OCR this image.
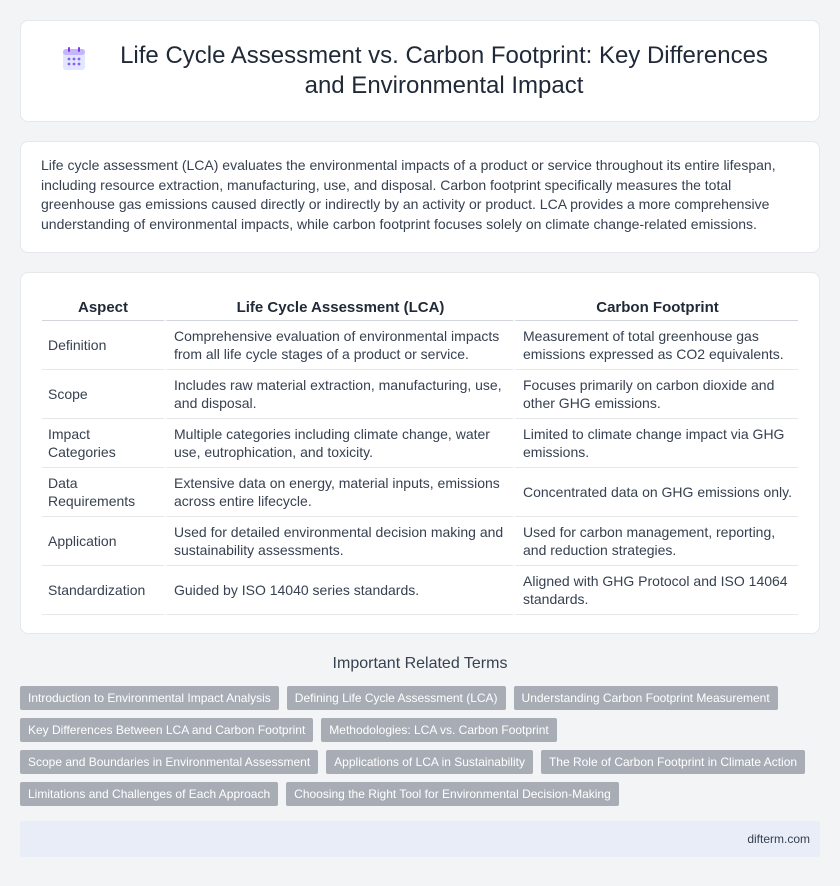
Life Cycle Assessment vs. Carbon Footprint: Key Differences and Environmental Impact

Life cycle assessment (LCA) evaluates the environmental impacts of a product or service throughout its entire lifespan, including resource extraction, manufacturing, use, and disposal. Carbon footprint specifically measures the total greenhouse gas emissions caused directly or indirectly by an activity or product. LCA provides a more comprehensive understanding of environmental impacts, while carbon footprint focuses solely on climate change-related emissions.

Aspect	Life Cycle Assessment (LCA)	Carbon Footprint
Definition	Comprehensive evaluation of environmental impacts from all life cycle stages of a product or service.	Measurement of total greenhouse gas emissions expressed as CO2 equivalents.
Scope	Includes raw material extraction, manufacturing, use, and disposal.	Focuses primarily on carbon dioxide and other GHG emissions.
Impact Categories	Multiple categories including climate change, water use, eutrophication, and toxicity.	Limited to climate change impact via GHG emissions.
Data Requirements	Extensive data on energy, material inputs, emissions across entire lifecycle.	Concentrated data on GHG emissions only.
Application	Used for detailed environmental decision making and sustainability assessments.	Used for carbon management, reporting, and reduction strategies.
Standardization	Guided by ISO 14040 series standards.	Aligned with GHG Protocol and ISO 14064 standards.
Important Related Terms
Introduction to Environmental Impact Analysis	Defining Life Cycle Assessment (LCA)	Understanding Carbon Footprint Measurement
Key Differences Between LCA and Carbon Footprint	Methodologies: LCA vs. Carbon Footprint
Scope and Boundaries in Environmental Assessment	Applications of LCA in Sustainability	The Role of Carbon Footprint in Climate Action
Limitations and Challenges of Each Approach	Choosing the Right Tool for Environmental Decision-Making
difterm.com
